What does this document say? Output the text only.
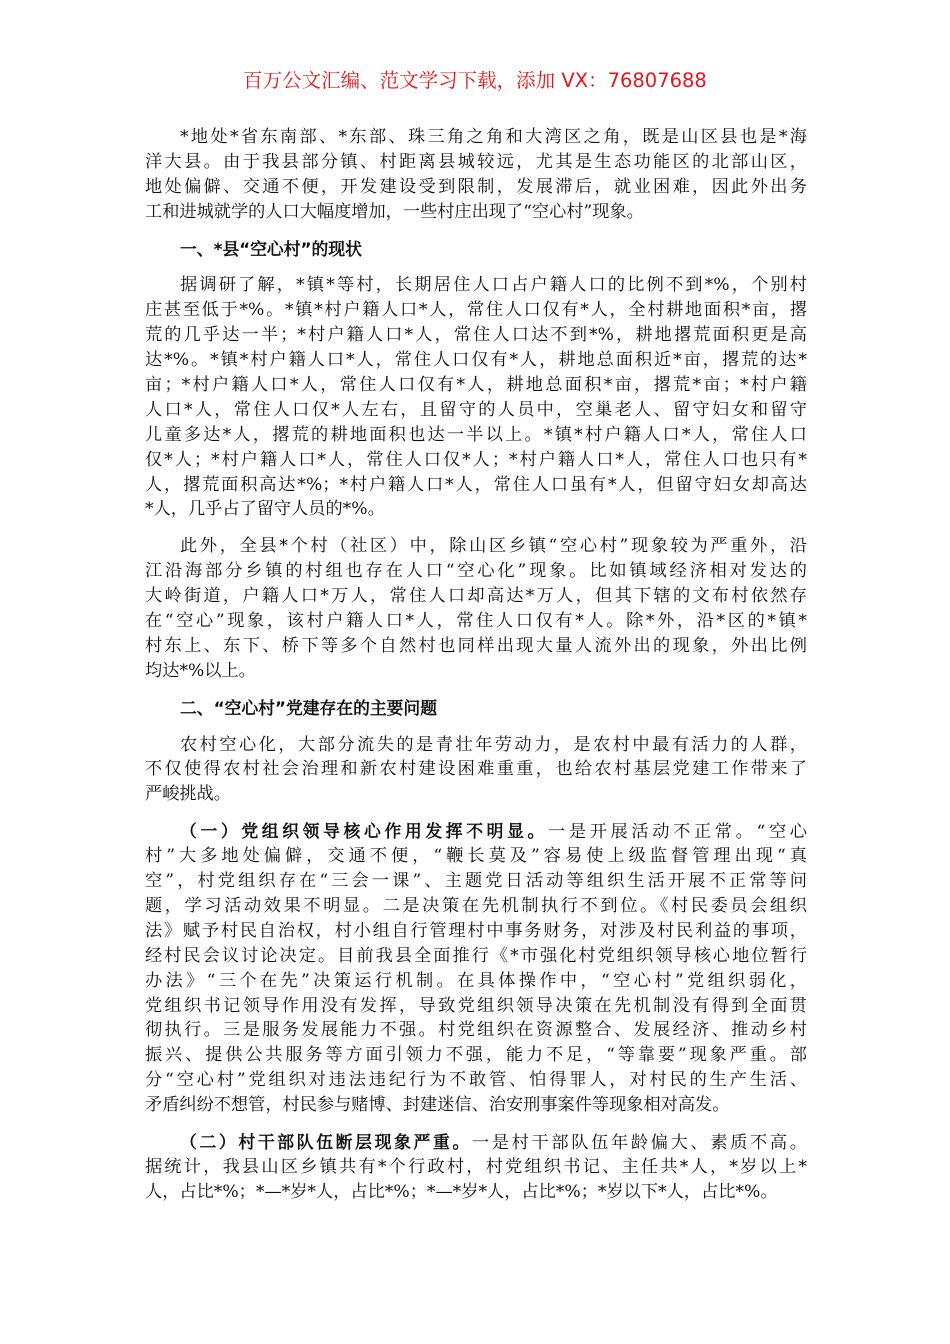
百万公文汇编、范文学习下载，添加 VX：76807688
*地处*省东南部、*东部、珠三角之角和大湾区之角，既是山区县也是*海
洋大县。由于我县部分镇、村距离县城较远，尤其是生态功能区的北部山区，
地处偏僻、交通不便，开发建设受到限制，发展滞后，就业困难，因此外出务
工和进城就学的人口大幅度增加，一些村庄出现了“空心村”现象。
一、*县“空心村”的现状
据调研了解，*镇*等村，长期居住人口占户籍人口的比例不到*%，个别村
庄甚至低于*%。*镇*村户籍人口*人，常住人口仅有*人，全村耕地面积*亩，撂
荒的几乎达一半；*村户籍人口*人，常住人口达不到*%，耕地撂荒面积更是高
达*%。*镇*村户籍人口*人，常住人口仅有*人，耕地总面积近*亩，撂荒的达*
亩；*村户籍人口*人，常住人口仅有*人，耕地总面积*亩，撂荒*亩；*村户籍
人口*人，常住人口仅*人左右，且留守的人员中，空巢老人、留守妇女和留守
儿童多达*人，撂荒的耕地面积也达一半以上。*镇*村户籍人口*人，常住人口
仅*人；*村户籍人口*人，常住人口仅*人；*村户籍人口*人，常住人口也只有*
人，撂荒面积高达*%；*村户籍人口*人，常住人口虽有*人，但留守妇女却高达
*人，几乎占了留守人员的*%。
此外，全县*个村（社区）中，除山区乡镇“空心村”现象较为严重外，沿
江沿海部分乡镇的村组也存在人口“空心化”现象。比如镇域经济相对发达的
大岭街道，户籍人口*万人，常住人口却高达*万人，但其下辖的文布村依然存
在“空心”现象，该村户籍人口*人，常住人口仅有*人。除*外，沿*区的*镇*
村东上、东下、桥下等多个自然村也同样出现大量人流外出的现象，外出比例
均达*%以上。
二、“空心村”党建存在的主要问题
农村空心化，大部分流失的是青壮年劳动力，是农村中最有活力的人群，
不仅使得农村社会治理和新农村建设困难重重，也给农村基层党建工作带来了
严峻挑战。
（一）党组织领导核心作用发挥不明显。一是开展活动不正常。“空心
村”大多地处偏僻，交通不便，“鞭长莫及”容易使上级监督管理出现“真
空”，村党组织存在“三会一课”、主题党日活动等组织生活开展不正常等问
题，学习活动效果不明显。二是决策在先机制执行不到位。《村民委员会组织
法》赋予村民自治权，村小组自行管理村中事务财务，对涉及村民利益的事项，
经村民会议讨论决定。目前我县全面推行《*市强化村党组织领导核心地位暂行
办法》“三个在先”决策运行机制。在具体操作中，“空心村”党组织弱化，
党组织书记领导作用没有发挥，导致党组织领导决策在先机制没有得到全面贯
彻执行。三是服务发展能力不强。村党组织在资源整合、发展经济、推动乡村
振兴、提供公共服务等方面引领力不强，能力不足，“等靠要”现象严重。部
分“空心村”党组织对违法违纪行为不敢管、怕得罪人，对村民的生产生活、
矛盾纠纷不想管，村民参与赌博、封建迷信、治安刑事案件等现象相对高发。
（二）村干部队伍断层现象严重。一是村干部队伍年龄偏大、素质不高。
据统计，我县山区乡镇共有*个行政村，村党组织书记、主任共*人，*岁以上*
人，占比*%；*—*岁*人，占比*%；*—*岁*人，占比*%；*岁以下*人，占比*%。
